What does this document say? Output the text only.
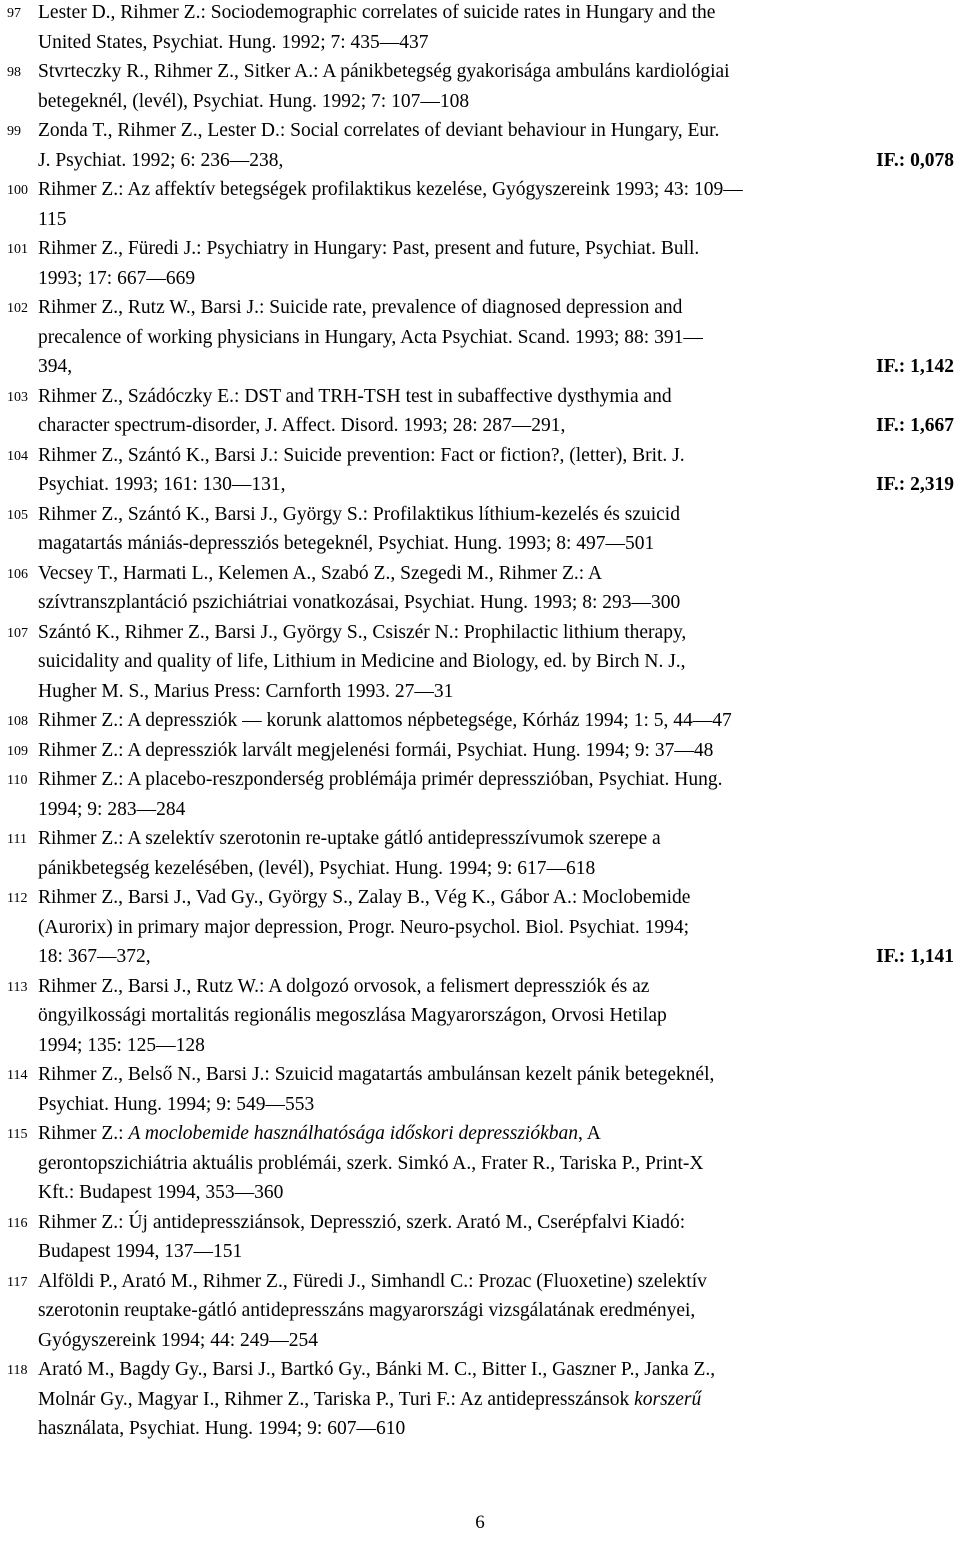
97 Lester D., Rihmer Z.: Sociodemographic correlates of suicide rates in Hungary and the
United States, Psychiat. Hung. 1992; 7: 435—437
98 Stvrteczky R., Rihmer Z., Sitker A.: A pánikbetegség gyakorisága ambuláns kardiológiai
betegeknél, (levél), Psychiat. Hung. 1992; 7: 107—108
99 Zonda T., Rihmer Z., Lester D.: Social correlates of deviant behaviour in Hungary, Eur.
J. Psychiat. 1992; 6: 236—238,	IF.: 0,078
100 Rihmer Z.: Az affektív betegségek profilaktikus kezelése, Gyógyszereink 1993; 43: 109—
115
101 Rihmer Z., Füredi J.: Psychiatry in Hungary: Past, present and future, Psychiat. Bull.
1993; 17: 667—669
102 Rihmer Z., Rutz W., Barsi J.: Suicide rate, prevalence of diagnosed depression and
precalence of working physicians in Hungary, Acta Psychiat. Scand. 1993; 88: 391—
394,	IF.: 1,142
103 Rihmer Z., Szádóczky E.: DST and TRH-TSH test in subaffective dysthymia and
character spectrum-disorder, J. Affect. Disord. 1993; 28: 287—291,	IF.: 1,667
104 Rihmer Z., Szántó K., Barsi J.: Suicide prevention: Fact or fiction?, (letter), Brit. J.
Psychiat. 1993; 161: 130—131,	IF.: 2,319
105 Rihmer Z., Szántó K., Barsi J., György S.: Profilaktikus líthium-kezelés és szuicid
magatartás mániás-depressziós betegeknél, Psychiat. Hung. 1993; 8: 497—501
106 Vecsey T., Harmati L., Kelemen A., Szabó Z., Szegedi M., Rihmer Z.: A
szívtranszplantáció pszichiátriai vonatkozásai, Psychiat. Hung. 1993; 8: 293—300
107 Szántó K., Rihmer Z., Barsi J., György S., Csiszér N.: Prophilactic lithium therapy,
suicidality and quality of life, Lithium in Medicine and Biology, ed. by Birch N. J.,
Hugher M. S., Marius Press: Carnforth 1993. 27—31
108 Rihmer Z.: A depressziók — korunk alattomos népbetegsége, Kórház 1994; 1: 5, 44—47
109 Rihmer Z.: A depressziók larvált megjelenési formái, Psychiat. Hung. 1994; 9: 37—48
110 Rihmer Z.: A placebo-reszponderség problémája primér depresszióban, Psychiat. Hung.
1994; 9: 283—284
111 Rihmer Z.: A szelektív szerotonin re-uptake gátló antidepresszívumok szerepe a
pánikbetegség kezelésében, (levél), Psychiat. Hung. 1994; 9: 617—618
112 Rihmer Z., Barsi J., Vad Gy., György S., Zalay B., Vég K., Gábor A.: Moclobemide
(Aurorix) in primary major depression, Progr. Neuro-psychol. Biol. Psychiat. 1994;
18: 367—372,	IF.: 1,141
113 Rihmer Z., Barsi J., Rutz W.: A dolgozó orvosok, a felismert depressziók és az
öngyilkossági mortalitás regionális megoszlása Magyarországon, Orvosi Hetilap
1994; 135: 125—128
114 Rihmer Z., Belső N., Barsi J.: Szuicid magatartás ambulánsan kezelt pánik betegeknél,
Psychiat. Hung. 1994; 9: 549—553
115 Rihmer Z.: A moclobemide használhatósága időskori depressziókban, A
gerontopszichiátria aktuális problémái, szerk. Simkó A., Frater R., Tariska P., Print-X
Kft.: Budapest 1994, 353—360
116 Rihmer Z.: Új antidepressziánsok, Depresszió, szerk. Arató M., Cserépfalvi Kiadó:
Budapest 1994, 137—151
117 Alföldi P., Arató M., Rihmer Z., Füredi J., Simhandl C.: Prozac (Fluoxetine) szelektív
szerotonin reuptake-gátló antidepresszáns magyarországi vizsgálatának eredményei,
Gyógyszereink 1994; 44: 249—254
118 Arató M., Bagdy Gy., Barsi J., Bartkó Gy., Bánki M. C., Bitter I., Gaszner P., Janka Z.,
Molnár Gy., Magyar I., Rihmer Z., Tariska P., Turi F.: Az antidepresszánsok korszerű
használata, Psychiat. Hung. 1994; 9: 607—610
6
